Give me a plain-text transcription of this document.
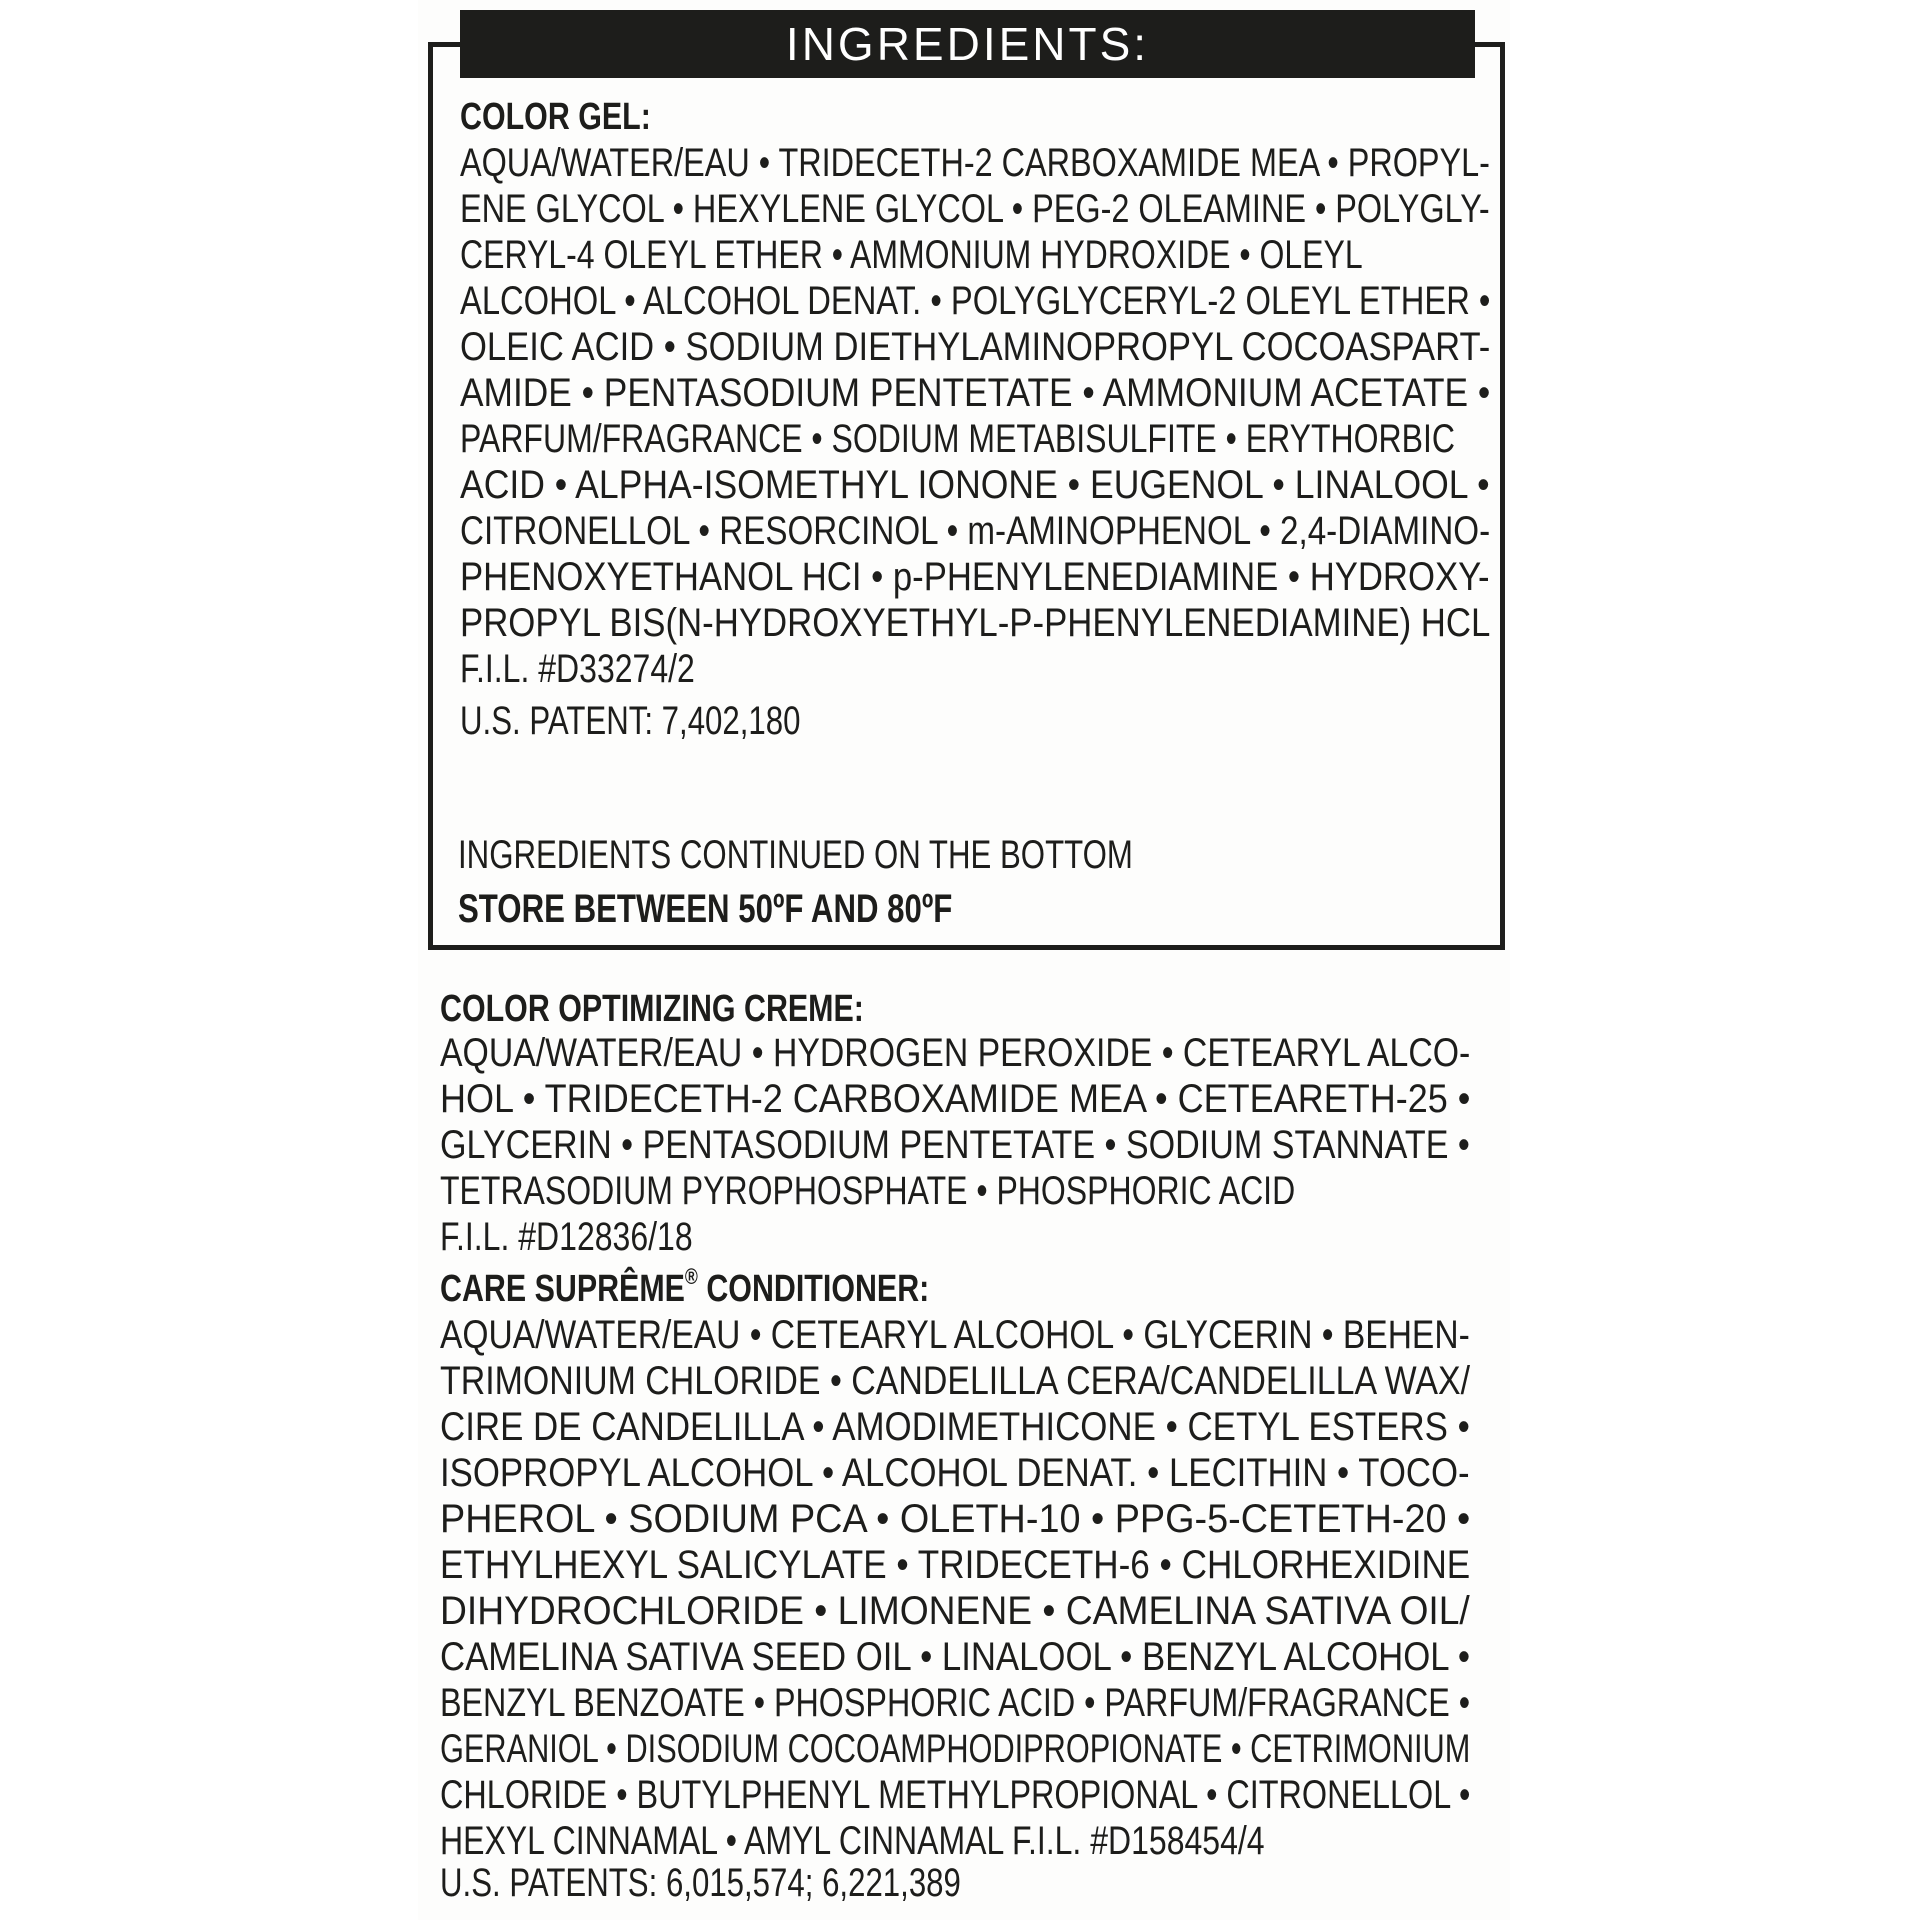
INGREDIENTS:
COLOR GEL:
AQUA/WATER/EAU • TRIDECETH-2 CARBOXAMIDE MEA • PROPYL-
ENE GLYCOL • HEXYLENE GLYCOL • PEG-2 OLEAMINE • POLYGLY-
CERYL-4 OLEYL ETHER • AMMONIUM HYDROXIDE • OLEYL
ALCOHOL • ALCOHOL DENAT. • POLYGLYCERYL-2 OLEYL ETHER •
OLEIC ACID • SODIUM DIETHYLAMINOPROPYL COCOASPART-
AMIDE • PENTASODIUM PENTETATE • AMMONIUM ACETATE •
PARFUM/FRAGRANCE • SODIUM METABISULFITE • ERYTHORBIC
ACID • ALPHA-ISOMETHYL IONONE • EUGENOL • LINALOOL •
CITRONELLOL • RESORCINOL • m-AMINOPHENOL • 2,4-DIAMINO-
PHENOXYETHANOL HCI • p-PHENYLENEDIAMINE • HYDROXY-
PROPYL BIS(N-HYDROXYETHYL-P-PHENYLENEDIAMINE) HCL
F.I.L. #D33274/2
U.S. PATENT: 7,402,180
INGREDIENTS CONTINUED ON THE BOTTOM
STORE BETWEEN 50ºF AND 80ºF
COLOR OPTIMIZING CREME:
AQUA/WATER/EAU • HYDROGEN PEROXIDE • CETEARYL ALCO-
HOL • TRIDECETH-2 CARBOXAMIDE MEA • CETEARETH-25 •
GLYCERIN • PENTASODIUM PENTETATE • SODIUM STANNATE •
TETRASODIUM PYROPHOSPHATE • PHOSPHORIC ACID
F.I.L. #D12836/18
CARE SUPRÊME® CONDITIONER:
AQUA/WATER/EAU • CETEARYL ALCOHOL • GLYCERIN • BEHEN-
TRIMONIUM CHLORIDE • CANDELILLA CERA/CANDELILLA WAX/
CIRE DE CANDELILLA • AMODIMETHICONE • CETYL ESTERS •
ISOPROPYL ALCOHOL • ALCOHOL DENAT. • LECITHIN • TOCO-
PHEROL • SODIUM PCA • OLETH-10 • PPG-5-CETETH-20 •
ETHYLHEXYL SALICYLATE • TRIDECETH-6 • CHLORHEXIDINE
DIHYDROCHLORIDE • LIMONENE • CAMELINA SATIVA OIL/
CAMELINA SATIVA SEED OIL • LINALOOL • BENZYL ALCOHOL •
BENZYL BENZOATE • PHOSPHORIC ACID • PARFUM/FRAGRANCE •
GERANIOL • DISODIUM COCOAMPHODIPROPIONATE • CETRIMONIUM
CHLORIDE • BUTYLPHENYL METHYLPROPIONAL • CITRONELLOL •
HEXYL CINNAMAL • AMYL CINNAMAL F.I.L. #D158454/4
U.S. PATENTS: 6,015,574; 6,221,389
